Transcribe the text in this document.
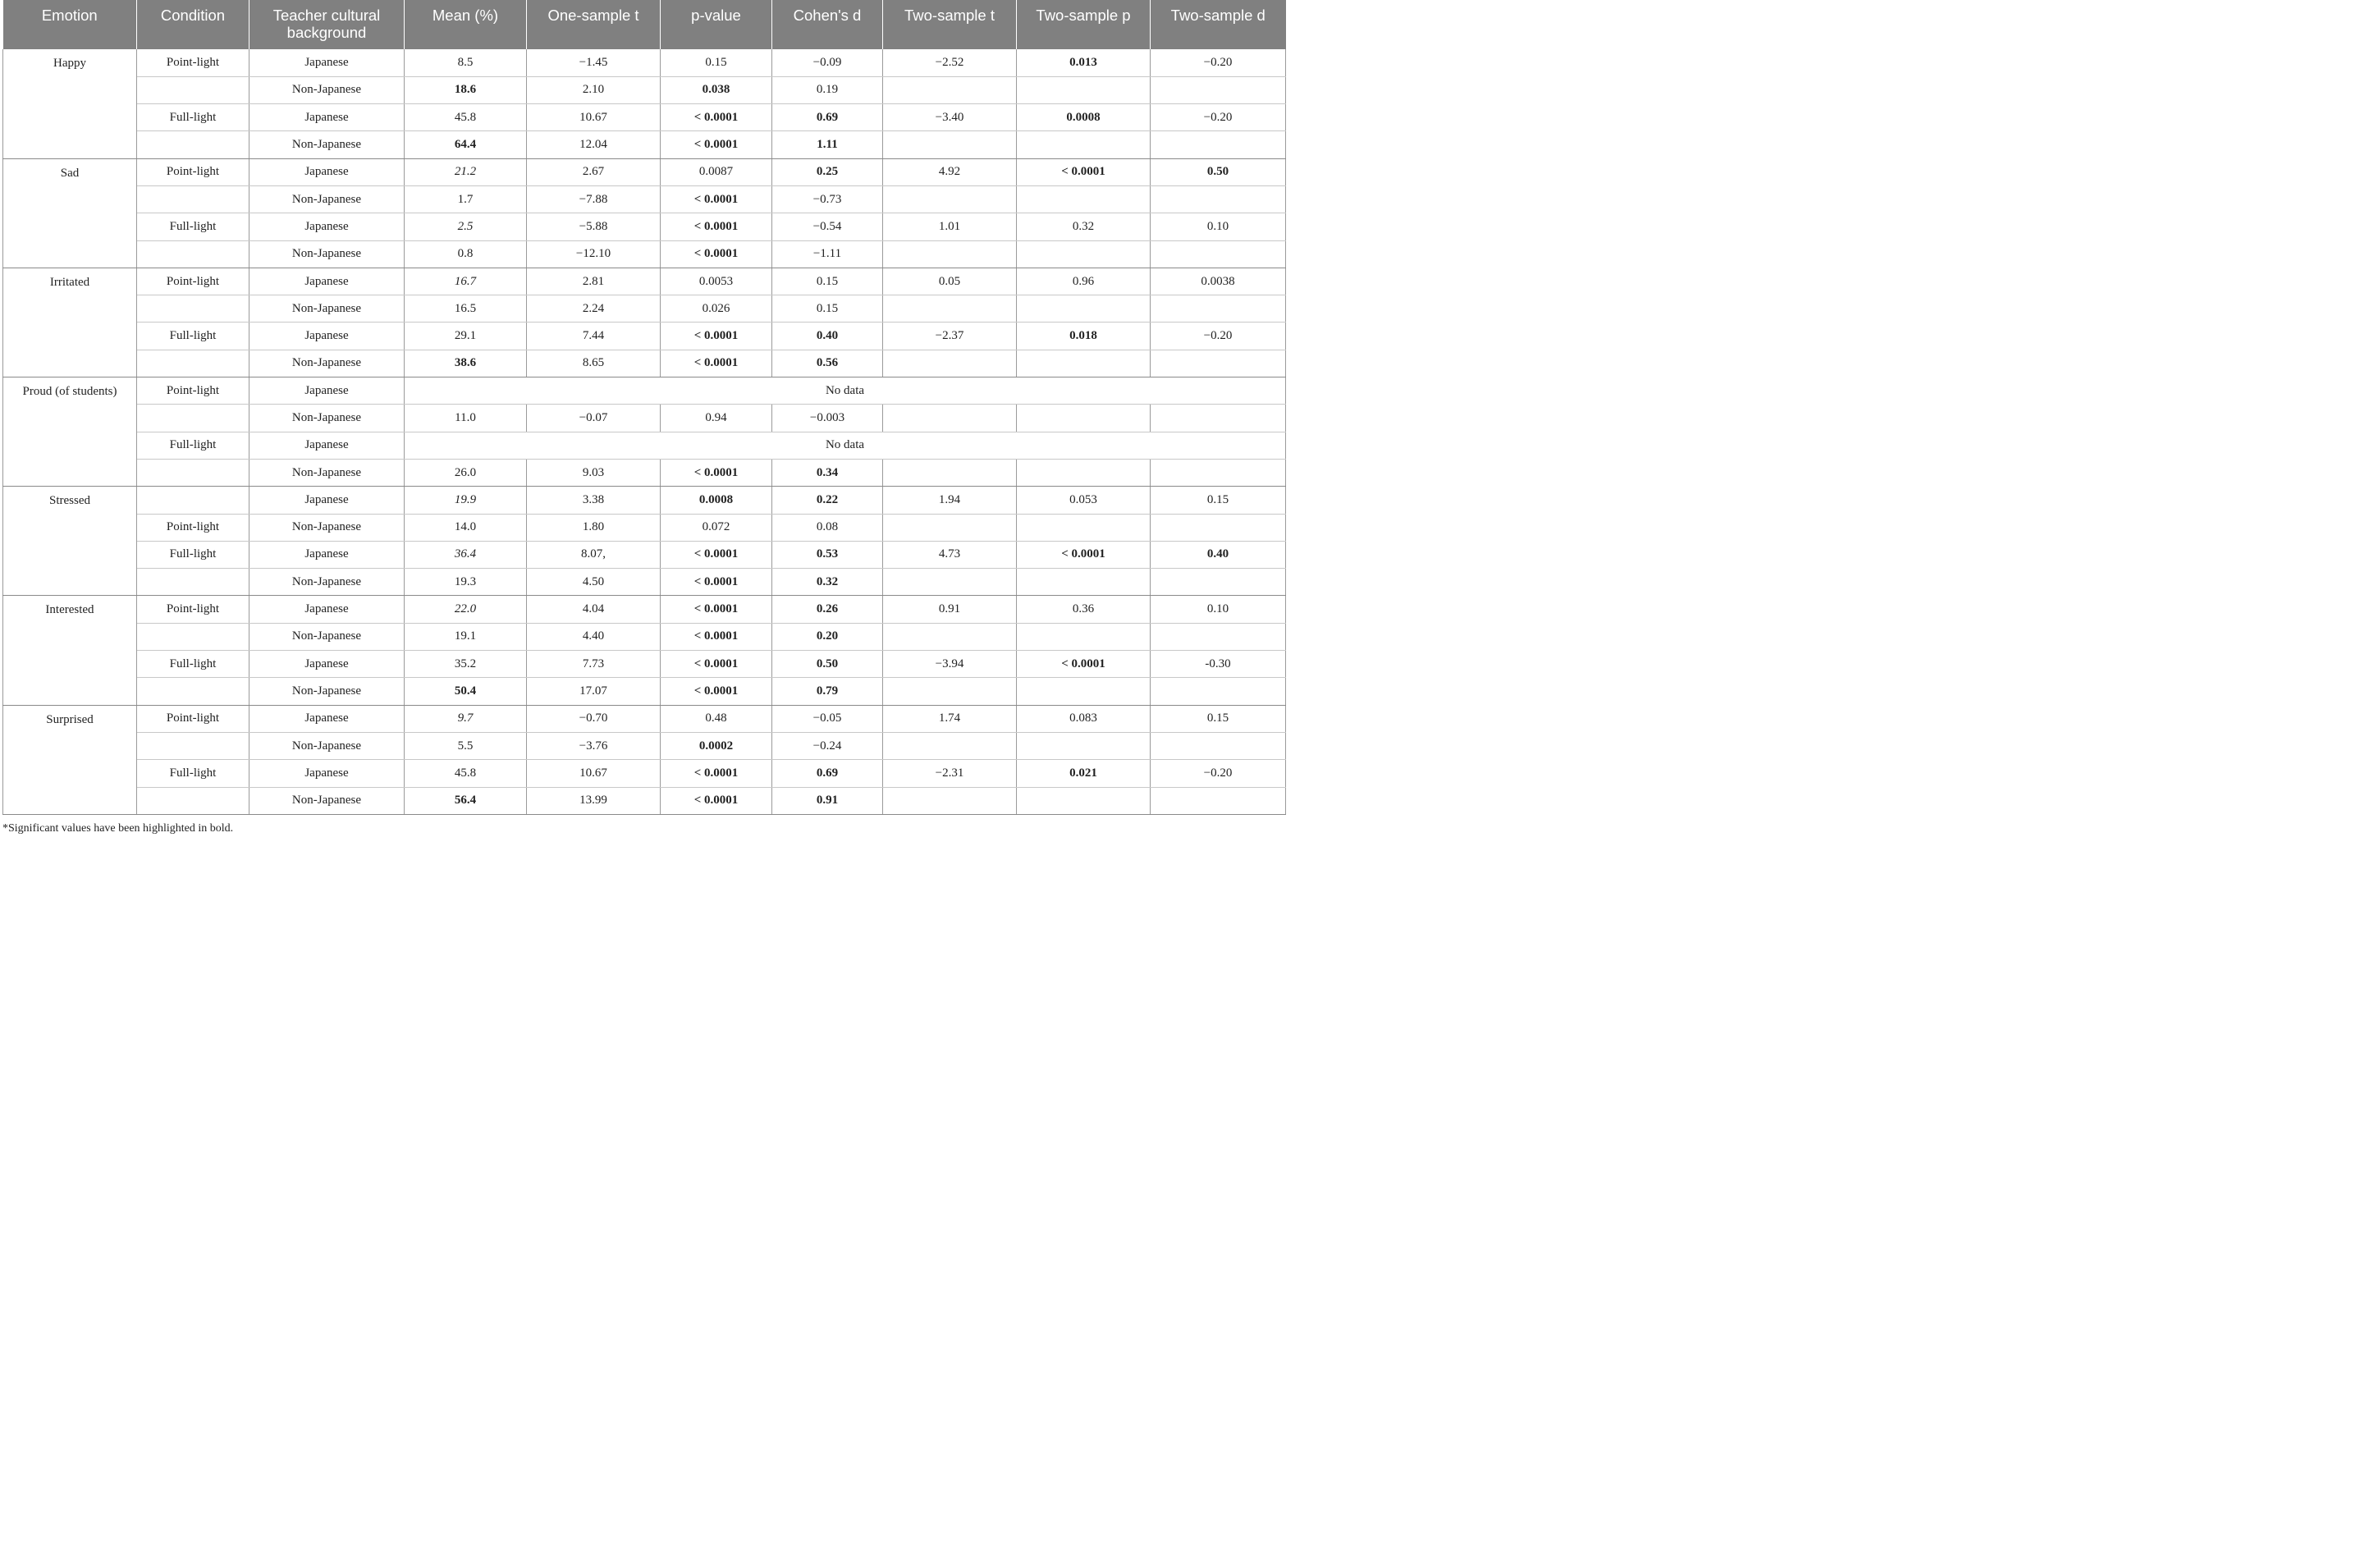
Emotion	Condition	Teacher cultural background	Mean (%)	One-sample t	p-value	Cohen's d	Two-sample t	Two-sample p	Two-sample d
Happy	Point-light	Japanese	8.5	−1.45	0.15	−0.09	−2.52	0.013	−0.20
		Non-Japanese	18.6	2.10	0.038	0.19			
	Full-light	Japanese	45.8	10.67	< 0.0001	0.69	−3.40	0.0008	−0.20
		Non-Japanese	64.4	12.04	< 0.0001	1.11			
Sad	Point-light	Japanese	21.2	2.67	0.0087	0.25	4.92	< 0.0001	0.50
		Non-Japanese	1.7	−7.88	< 0.0001	−0.73			
	Full-light	Japanese	2.5	−5.88	< 0.0001	−0.54	1.01	0.32	0.10
		Non-Japanese	0.8	−12.10	< 0.0001	−1.11			
Irritated	Point-light	Japanese	16.7	2.81	0.0053	0.15	0.05	0.96	0.0038
		Non-Japanese	16.5	2.24	0.026	0.15			
	Full-light	Japanese	29.1	7.44	< 0.0001	0.40	−2.37	0.018	−0.20
		Non-Japanese	38.6	8.65	< 0.0001	0.56			
Proud (of students)	Point-light	Japanese	No data						
		Non-Japanese	11.0	−0.07	0.94	−0.003			
	Full-light	Japanese	No data						
		Non-Japanese	26.0	9.03	< 0.0001	0.34			
Stressed		Japanese	19.9	3.38	0.0008	0.22	1.94	0.053	0.15
	Point-light	Non-Japanese	14.0	1.80	0.072	0.08			
	Full-light	Japanese	36.4	8.07,	< 0.0001	0.53	4.73	< 0.0001	0.40
		Non-Japanese	19.3	4.50	< 0.0001	0.32			
Interested	Point-light	Japanese	22.0	4.04	< 0.0001	0.26	0.91	0.36	0.10
		Non-Japanese	19.1	4.40	< 0.0001	0.20			
	Full-light	Japanese	35.2	7.73	< 0.0001	0.50	−3.94	< 0.0001	-0.30
		Non-Japanese	50.4	17.07	< 0.0001	0.79			
Surprised	Point-light	Japanese	9.7	−0.70	0.48	−0.05	1.74	0.083	0.15
		Non-Japanese	5.5	−3.76	0.0002	−0.24			
	Full-light	Japanese	45.8	10.67	< 0.0001	0.69	−2.31	0.021	−0.20
		Non-Japanese	56.4	13.99	< 0.0001	0.91			
*Significant values have been highlighted in bold.
